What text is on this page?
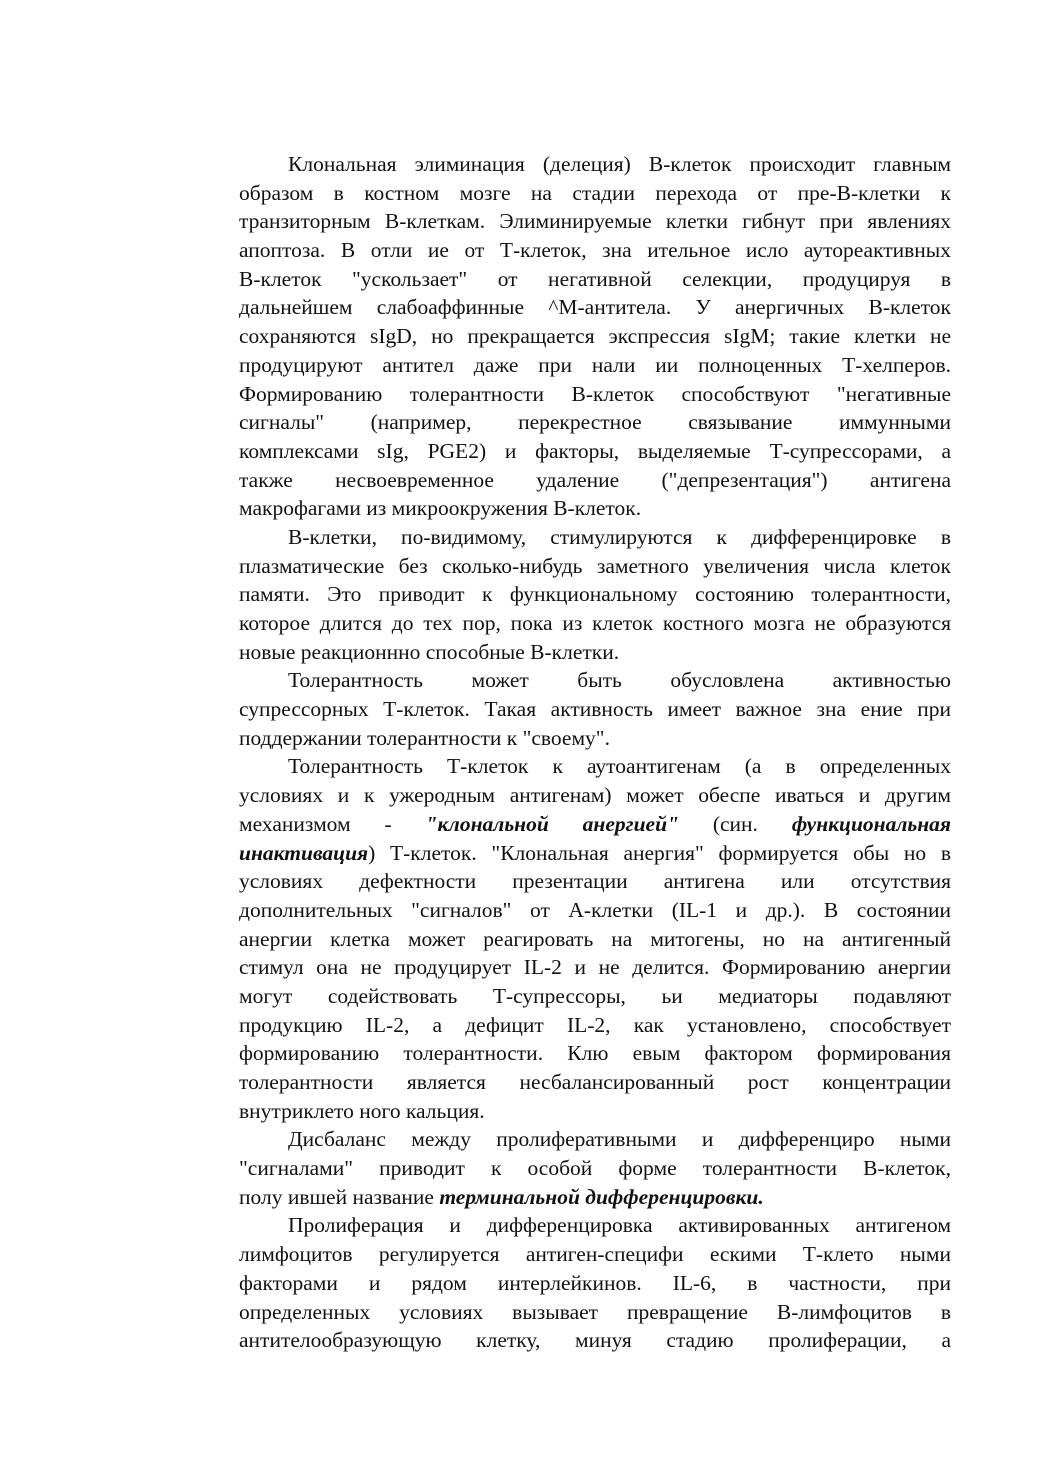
Клональная элиминация (делеция) В-клеток происходит главным
образом в костном мозге на стадии перехода от пре-В-клетки к
транзиторным В-клеткам. Элиминируемые клетки гибнут при явлениях
апоптоза. В отли ие от Т-клеток, зна ительное исло аутореактивных
В-клеток "ускользает" от негативной селекции, продуцируя в
дальнейшем слабоаффинные ^М-антитела. У анергичных В-клеток
сохраняются sIgD, но прекращается экспрессия sIgM; такие клетки не
продуцируют антител даже при нали ии полноценных Т-хелперов.
Формированию толерантности В-клеток способствуют "негативные
сигналы" (например, перекрестное связывание иммунными
комплексами sIg, PGE2) и факторы, выделяемые Т-супрессорами, а
также несвоевременное удаление ("депрезентация") антигена
макрофагами из микроокружения В-клеток.
В-клетки, по-видимому, стимулируются к дифференцировке в
плазматические без сколько-нибудь заметного увеличения числа клеток
памяти. Это приводит к функциональному состоянию толерантности,
которое длится до тех пор, пока из клеток костного мозга не образуются
новые реакционнно способные В-клетки.
Толерантность может быть обусловлена активностью
супрессорных Т-клеток. Такая активность имеет важное зна ение при
поддержании толерантности к "своему".
Толерантность Т-клеток к аутоантигенам (а в определенных
условиях и к ужеродным антигенам) может обеспе иваться и другим
механизмом - "клональной анергией" (син. функциональная
инактивация) Т-клеток. "Клональная анергия" формируется обы но в
условиях дефектности презентации антигена или отсутствия
дополнительных "сигналов" от А-клетки (IL-1 и др.). В состоянии
анергии клетка может реагировать на митогены, но на антигенный
стимул она не продуцирует IL-2 и не делится. Формированию анергии
могут содействовать Т-супрессоры, ьи медиаторы подавляют
продукцию IL-2, а дефицит IL-2, как установлено, способствует
формированию толерантности. Клю евым фактором формирования
толерантности является несбалансированный рост концентрации
внутриклето ного кальция.
Дисбаланс между пролиферативными и дифференциро ными
"сигналами" приводит к особой форме толерантности В-клеток,
полу ившей название терминальной дифференцировки.
Пролиферация и дифференцировка активированных антигеном
лимфоцитов регулируется антиген-специфи ескими Т-клето ными
факторами и рядом интерлейкинов. IL-6, в частности, при
определенных условиях вызывает превращение В-лимфоцитов в
антителообразующую клетку, минуя стадию пролиферации, а
